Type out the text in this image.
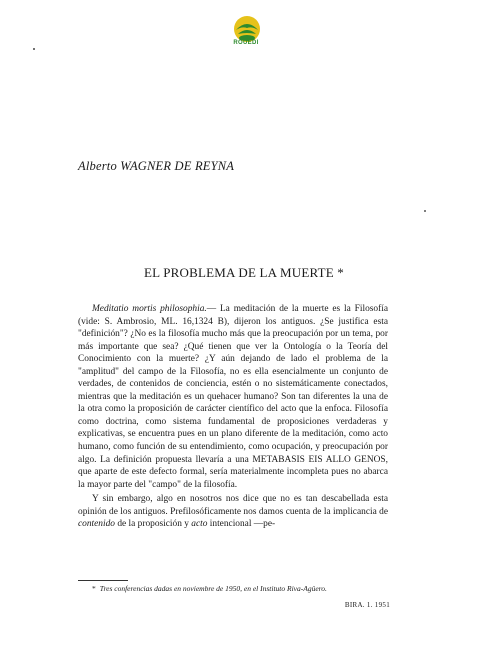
ROUEDI
Alberto WAGNER DE REYNA
EL PROBLEMA DE LA MUERTE *

Meditatio mortis philosophia.— La meditación de la muerte es la Filosofía (vide: S. Ambrosio, ML. 16,1324 B), dijeron los antiguos. ¿Se justifica esta "definición"? ¿No es la filosofía mucho más que la preocupación por un tema, por más importante que sea? ¿Qué tienen que ver la Ontología o la Teoría del Conocimiento con la muerte? ¿Y aún dejando de lado el problema de la "amplitud" del campo de la Filosofía, no es ella esencialmente un conjunto de verdades, de contenidos de conciencia, estén o no sistemáticamente conectados, mientras que la meditación es un quehacer humano? Son tan diferentes la una de la otra como la proposición de carácter científico del acto que la enfoca. Filosofía como doctrina, como sistema fundamental de proposiciones verdaderas y explicativas, se encuentra pues en un plano diferente de la meditación, como acto humano, como función de su entendimiento, como ocupación, y preocupación por algo. La definición propuesta llevaría a una METABASIS EIS ALLO GENOS, que aparte de este defecto formal, sería materialmente incompleta pues no abarca la mayor parte del "campo" de la filosofía.

Y sin embargo, algo en nosotros nos dice que no es tan descabellada esta opinión de los antiguos. Prefilosóficamente nos damos cuenta de la implicancia de contenido de la proposición y acto intencional —pe-

* Tres conferencias dadas en noviembre de 1950, en el Instituto Riva-Agüero.
BIRA. 1. 1951
